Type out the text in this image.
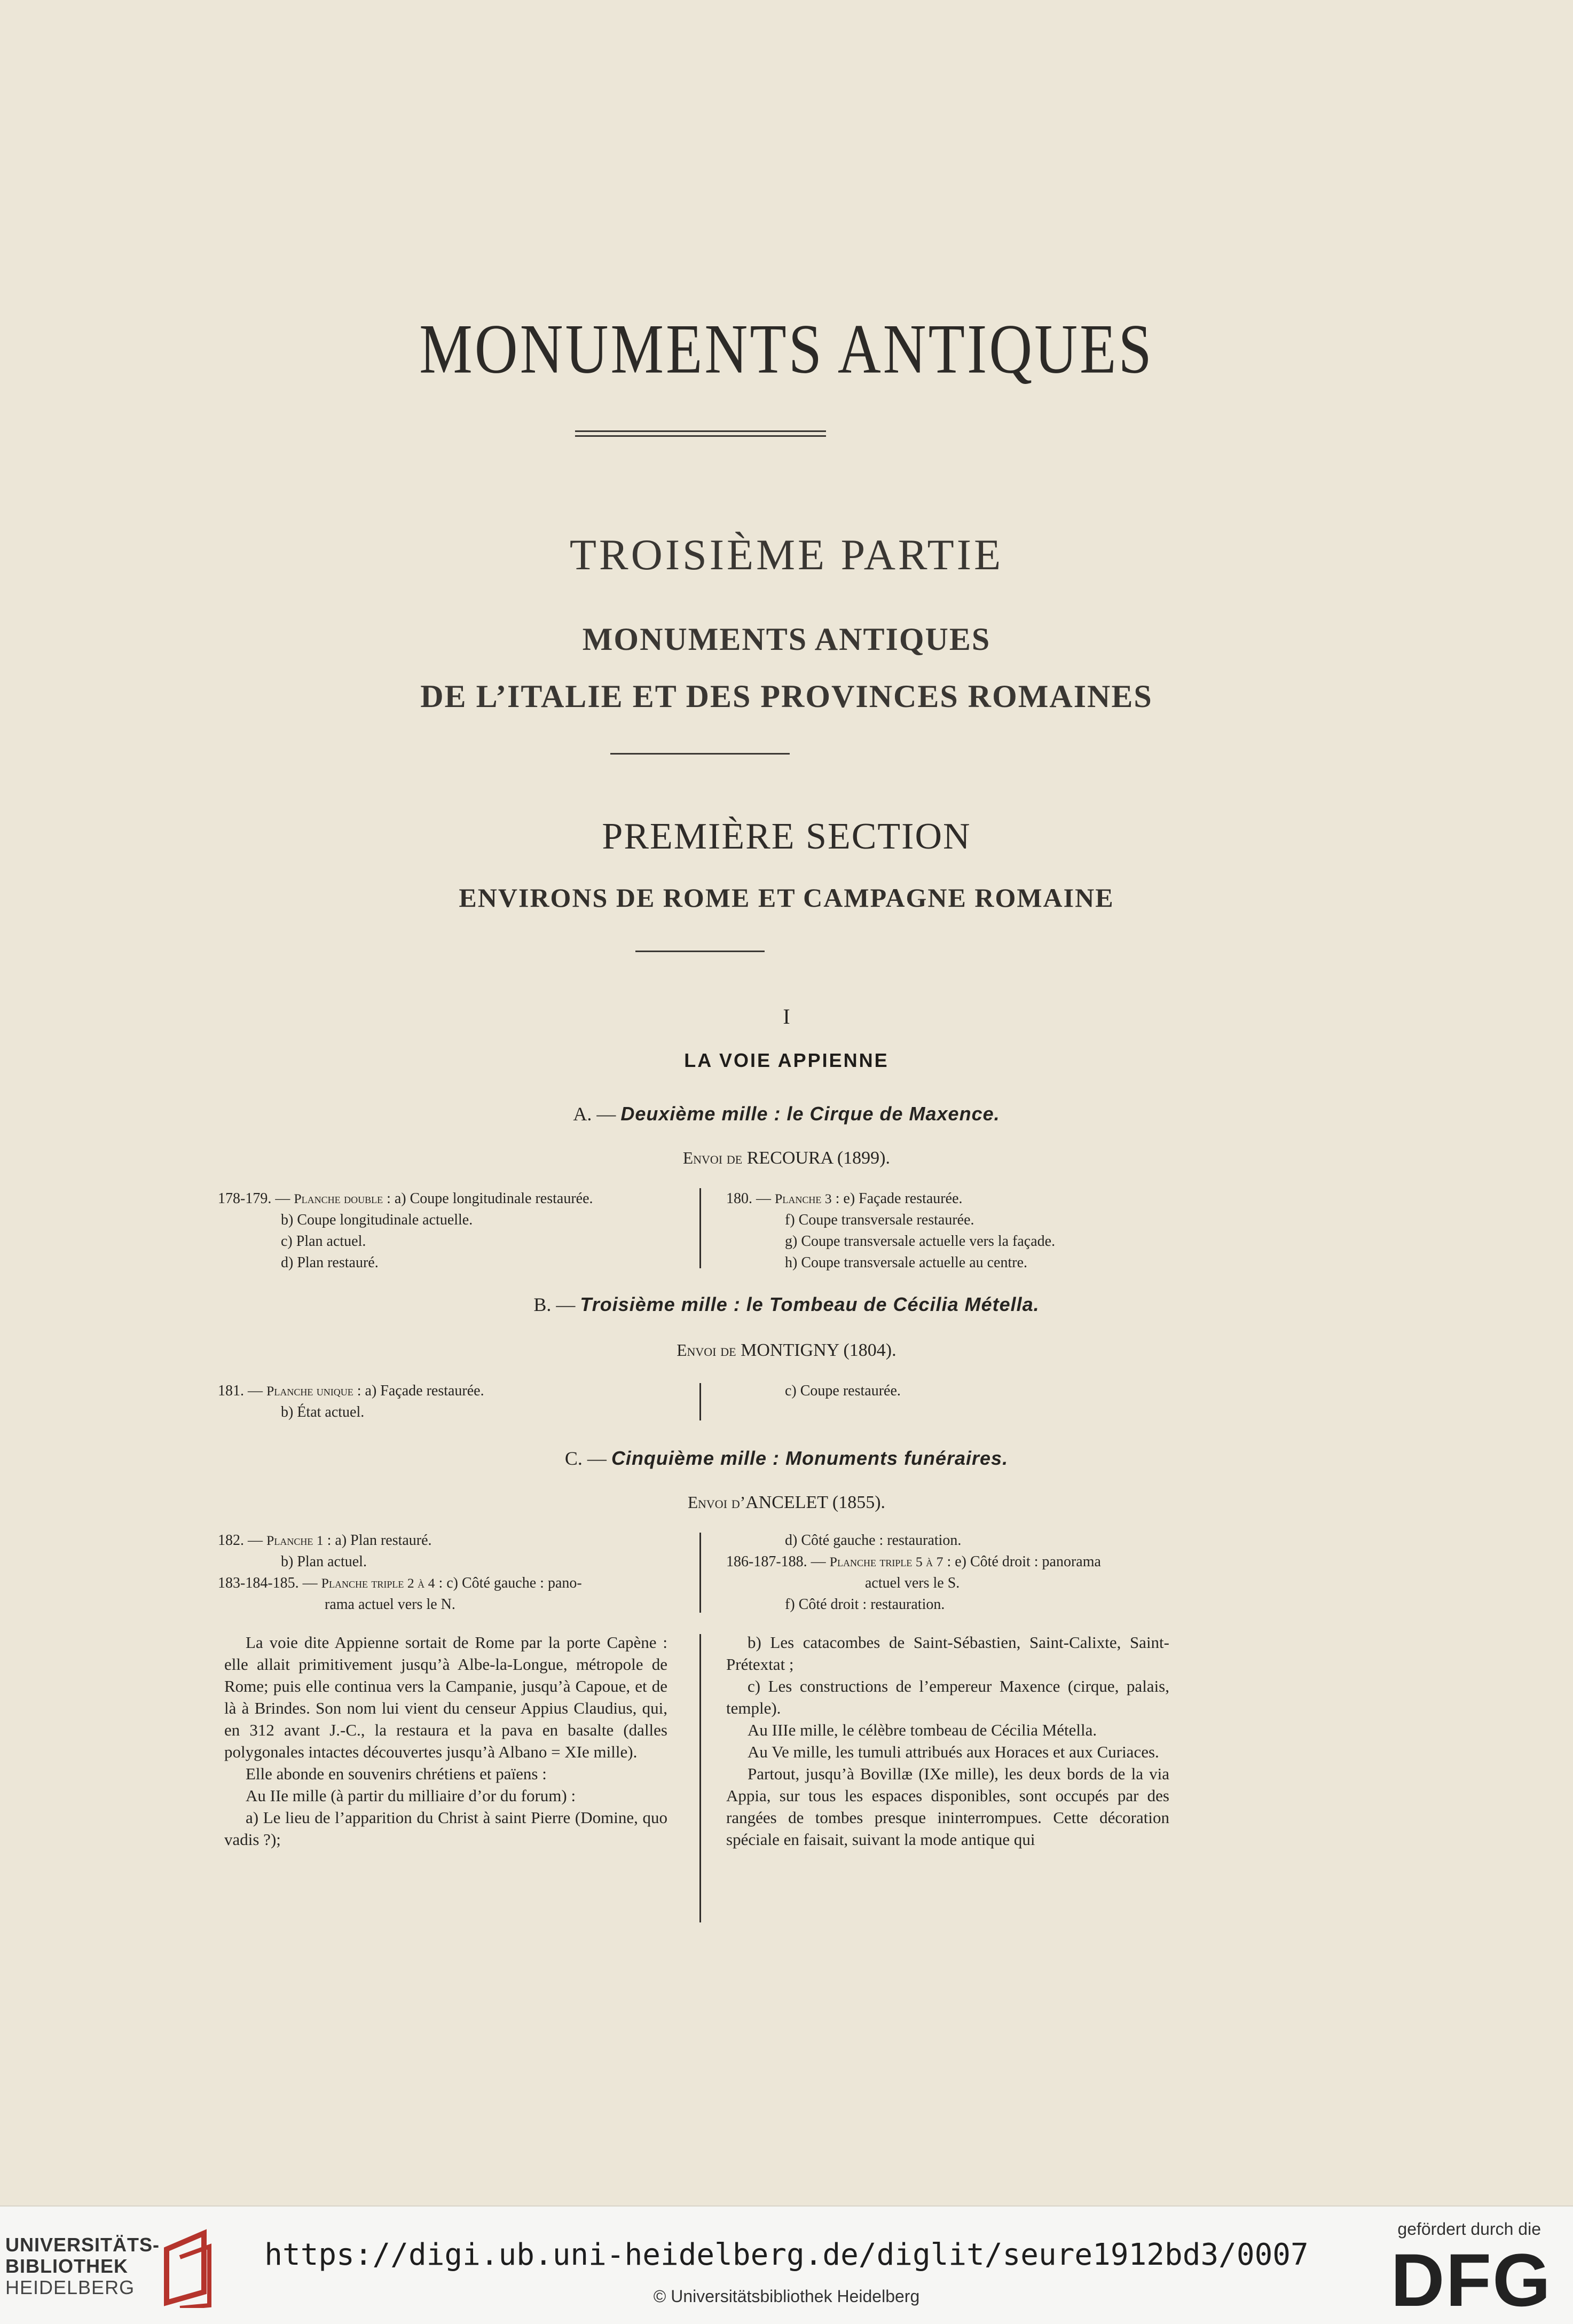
MONUMENTS ANTIQUES
TROISIÈME PARTIE
MONUMENTS ANTIQUES
DE L’ITALIE ET DES PROVINCES ROMAINES
PREMIÈRE SECTION
ENVIRONS DE ROME ET CAMPAGNE ROMAINE
I
LA VOIE APPIENNE
A. — Deuxième mille : le Cirque de Maxence.
Envoi de RECOURA (1899).
178-179. — Planche double : a) Coupe longitudinale restaurée.
b) Coupe longitudinale actuelle.
c) Plan actuel.
d) Plan restauré.
180. — Planche 3 : e) Façade restaurée.
f) Coupe transversale restaurée.
g) Coupe transversale actuelle vers la façade.
h) Coupe transversale actuelle au centre.
B. — Troisième mille : le Tombeau de Cécilia Métella.
Envoi de MONTIGNY (1804).
181. — Planche unique : a) Façade restaurée.
b) État actuel.
c) Coupe restaurée.
C. — Cinquième mille : Monuments funéraires.
Envoi d’ANCELET (1855).
182. — Planche 1 : a) Plan restauré.
b) Plan actuel.
183-184-185. — Planche triple 2 à 4 : c) Côté gauche : pano-
rama actuel vers le N.
d) Côté gauche : restauration.
186-187-188. — Planche triple 5 à 7 : e) Côté droit : panorama
actuel vers le S.
f) Côté droit : restauration.

La voie dite Appienne sortait de Rome par la porte Capène : elle allait primitivement jusqu’à Albe-la-Longue, métropole de Rome; puis elle continua vers la Campanie, jusqu’à Capoue, et de là à Brindes. Son nom lui vient du censeur Appius Claudius, qui, en 312 avant J.-C., la restaura et la pava en basalte (dalles polygonales intactes découvertes jusqu’à Albano = XIe mille).

Elle abonde en souvenirs chrétiens et païens :

Au IIe mille (à partir du milliaire d’or du forum) :

a) Le lieu de l’apparition du Christ à saint Pierre (Domine, quo vadis ?);

b) Les catacombes de Saint-Sébastien, Saint-Calixte, Saint-Prétextat ;

c) Les constructions de l’empereur Maxence (cirque, palais, temple).

Au IIIe mille, le célèbre tombeau de Cécilia Métella.

Au Ve mille, les tumuli attribués aux Horaces et aux Curiaces.

Partout, jusqu’à Bovillæ (IXe mille), les deux bords de la via Appia, sur tous les espaces disponibles, sont occupés par des rangées de tombes presque ininterrompues. Cette décoration spéciale en faisait, suivant la mode antique qui

UNIVERSITÄTS-
BIBLIOTHEK
HEIDELBERG
https://digi.ub.uni-heidelberg.de/diglit/seure1912bd3/0007
© Universitätsbibliothek Heidelberg
gefördert durch die
DFG
